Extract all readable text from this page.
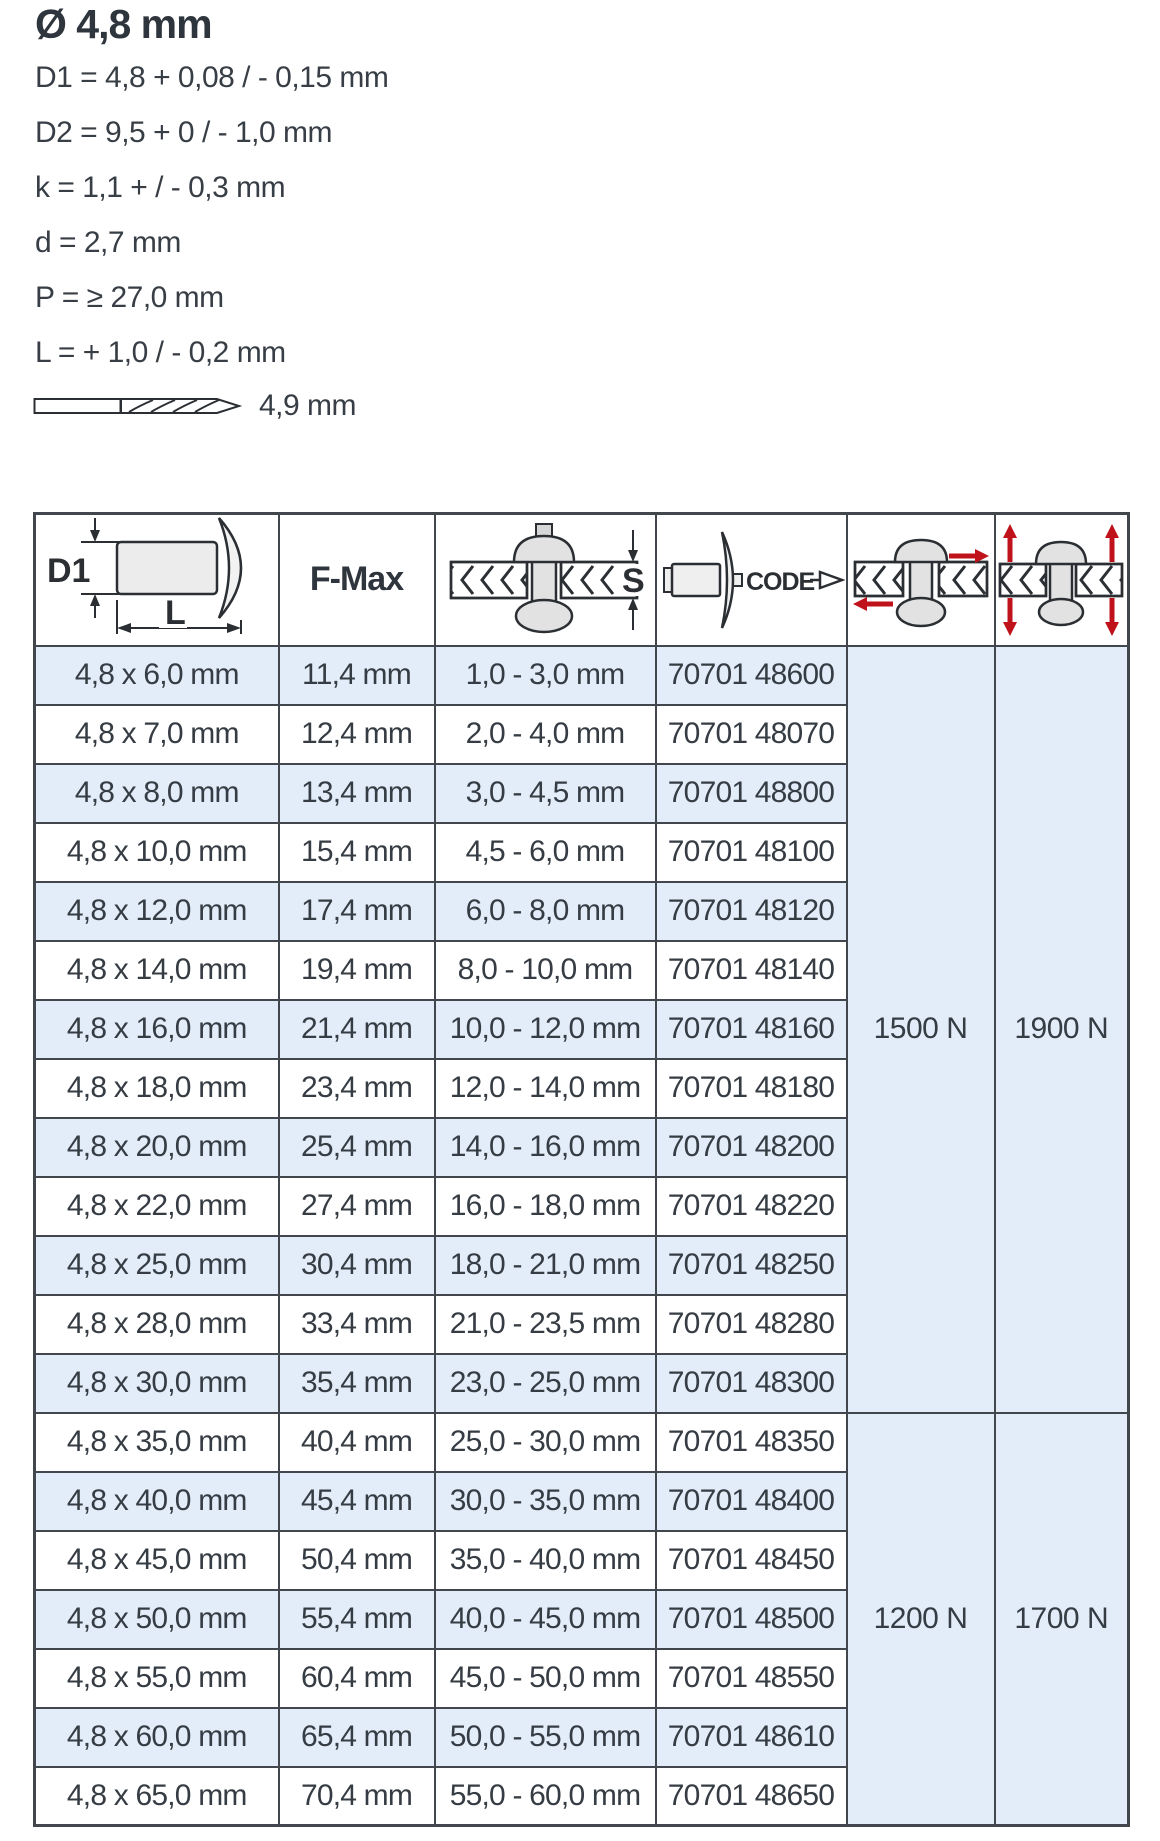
Ø 4,8 mm
D1 = 4,8 + 0,08 / - 0,15 mm
D2 = 9,5 + 0 / - 1,0 mm
k = 1,1 + / - 0,3 mm
d = 2,7 mm
P = ≥ 27,0 mm
L = + 1,0 / - 0,2 mm
4,9 mm
D1
L	F-Max	S	CODE

4,8 x 6,0 mm	11,4 mm	1,0 - 3,0 mm	70701 48600	1500 N	1900 N
4,8 x 7,0 mm	12,4 mm	2,0 - 4,0 mm	70701 48070		
4,8 x 8,0 mm	13,4 mm	3,0 - 4,5 mm	70701 48800		
4,8 x 10,0 mm	15,4 mm	4,5 - 6,0 mm	70701 48100		
4,8 x 12,0 mm	17,4 mm	6,0 - 8,0 mm	70701 48120		
4,8 x 14,0 mm	19,4 mm	8,0 - 10,0 mm	70701 48140		
4,8 x 16,0 mm	21,4 mm	10,0 - 12,0 mm	70701 48160		
4,8 x 18,0 mm	23,4 mm	12,0 - 14,0 mm	70701 48180		
4,8 x 20,0 mm	25,4 mm	14,0 - 16,0 mm	70701 48200		
4,8 x 22,0 mm	27,4 mm	16,0 - 18,0 mm	70701 48220		
4,8 x 25,0 mm	30,4 mm	18,0 - 21,0 mm	70701 48250		
4,8 x 28,0 mm	33,4 mm	21,0 - 23,5 mm	70701 48280		
4,8 x 30,0 mm	35,4 mm	23,0 - 25,0 mm	70701 48300		
4,8 x 35,0 mm	40,4 mm	25,0 - 30,0 mm	70701 48350	1200 N	1700 N
4,8 x 40,0 mm	45,4 mm	30,0 - 35,0 mm	70701 48400		
4,8 x 45,0 mm	50,4 mm	35,0 - 40,0 mm	70701 48450		
4,8 x 50,0 mm	55,4 mm	40,0 - 45,0 mm	70701 48500		
4,8 x 55,0 mm	60,4 mm	45,0 - 50,0 mm	70701 48550		
4,8 x 60,0 mm	65,4 mm	50,0 - 55,0 mm	70701 48610		
4,8 x 65,0 mm	70,4 mm	55,0 - 60,0 mm	70701 48650		
